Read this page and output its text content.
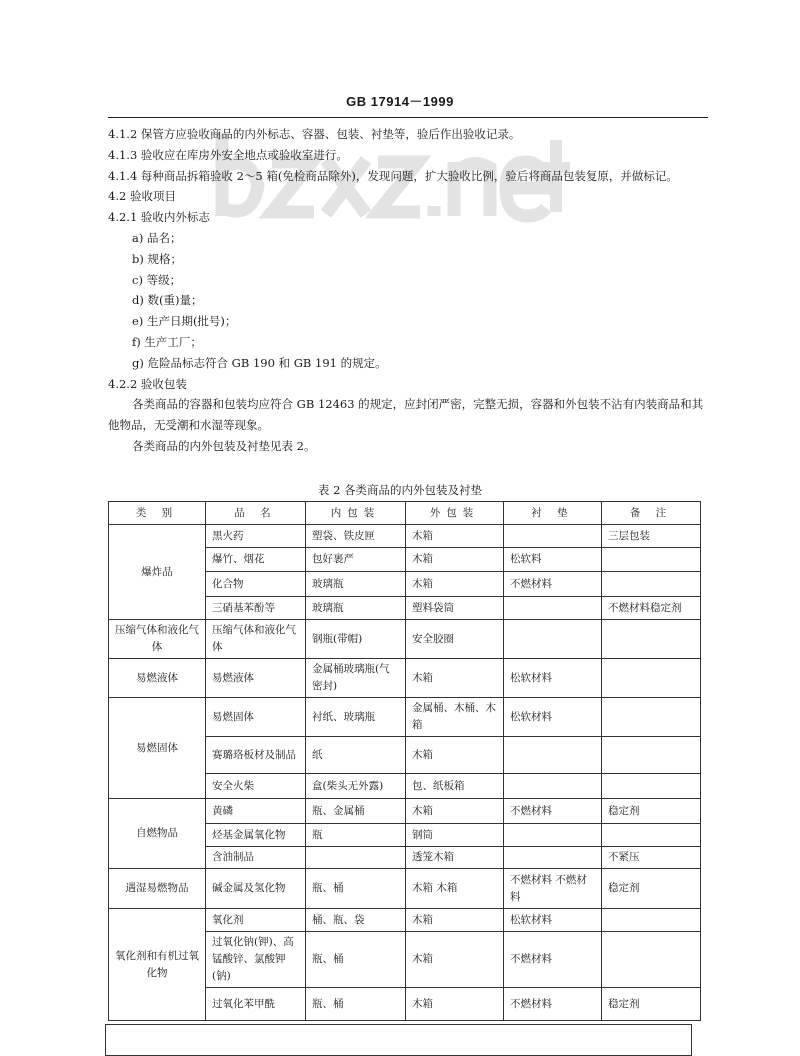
GB 17914－1999
4.1.2 保管方应验收商品的内外标志、容器、包装、衬垫等，验后作出验收记录。
4.1.3 验收应在库房外安全地点或验收室进行。
4.1.4 每种商品拆箱验收 2～5 箱(免检商品除外)，发现问题，扩大验收比例，验后将商品包装复原，并做标记。
4.2 验收项目
4.2.1 验收内外标志
a) 品名；
b) 规格；
c) 等级；
d) 数(重)量；
e) 生产日期(批号)；
f) 生产工厂；
g) 危险品标志符合 GB 190 和 GB 191 的规定。
4.2.2 验收包装
各类商品的容器和包装均应符合 GB 12463 的规定，应封闭严密，完整无损，容器和外包装不沾有内装商品和其他物品，无受潮和水湿等现象。
各类商品的内外包装及衬垫见表 2。
表 2 各类商品的内外包装及衬垫
类 别	品 名	内包装	外包装	衬 垫	备 注
爆炸品	黑火药	塑袋、铁皮匣	木箱		三层包装
	爆竹、烟花	包好裹严	木箱	松软料	
	化合物	玻璃瓶	木箱	不燃材料	
	三硝基苯酚等	玻璃瓶	塑料袋筒		不燃材料稳定剂
压缩气体和液化气体	压缩气体和液化气体	钢瓶(带帽)	安全胶圈		
易燃液体	易燃液体	金属桶玻璃瓶(气密封)	木箱	松软材料	
易燃固体	易燃固体	衬纸、玻璃瓶	金属桶、木桶、木箱	松软材料	
	赛璐珞板材及制品	纸	木箱		
	安全火柴	盒(柴头无外露)	包、纸板箱		
自燃物品	黄磷	瓶、金属桶	木箱	不燃材料	稳定剂
	烃基金属氧化物	瓶	钢筒		
	含油制品		透笼木箱		不紧压
遇湿易燃物品	碱金属及氢化物	瓶、桶	木箱 木箱	不燃材料 不燃材料	稳定剂
氧化剂和有机过氧化物	氧化剂	桶、瓶、袋	木箱	松软材料	
	过氧化钠(钾)、高锰酸锌、氯酸钾(钠)	瓶、桶	木箱	不燃材料	
	过氧化苯甲酰	瓶、桶	木箱	不燃材料	稳定剂
